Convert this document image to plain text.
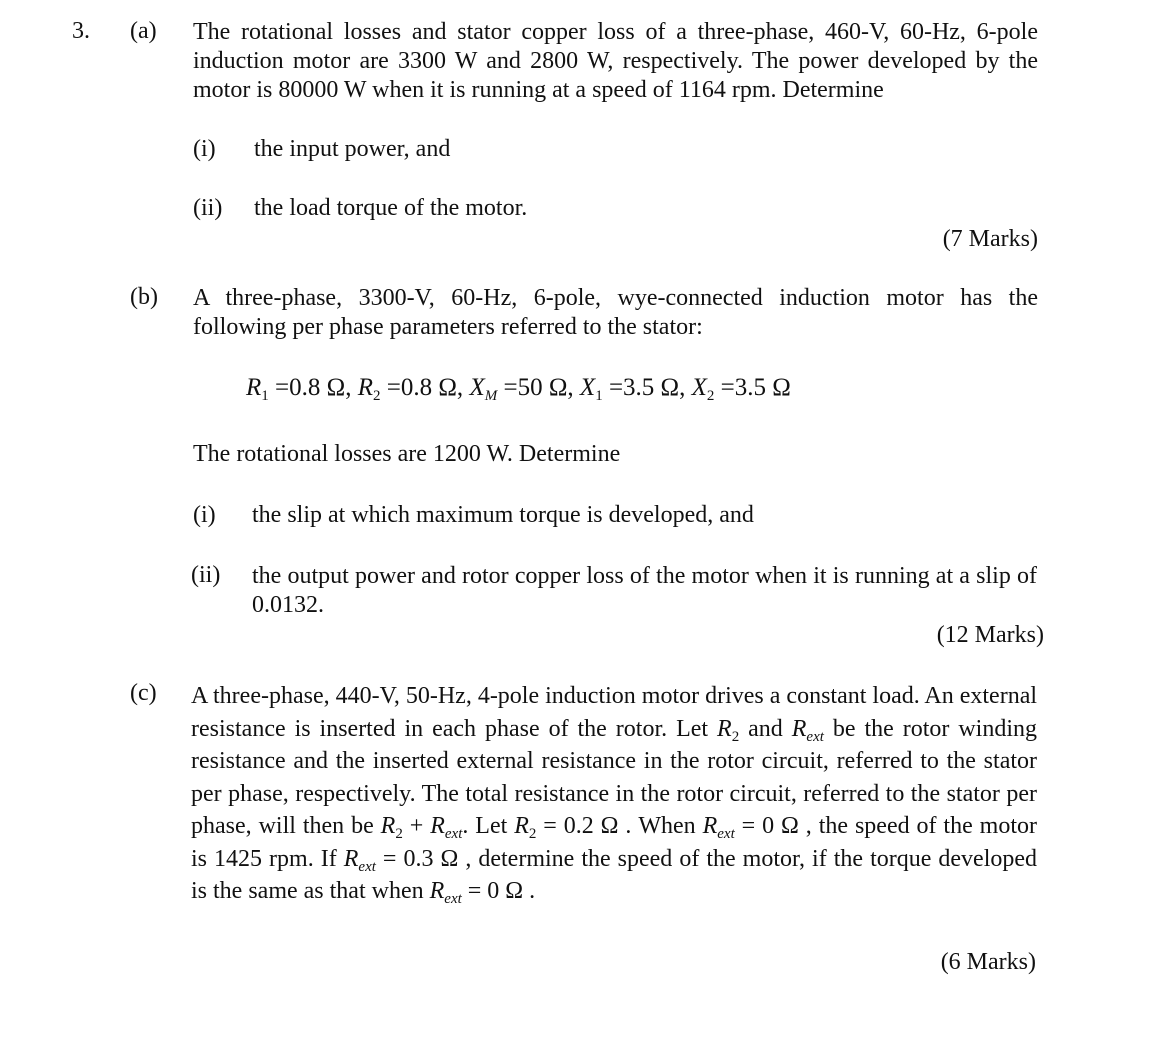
3. (a) The rotational losses and stator copper loss of a three-phase, 460-V, 60-Hz, 6-pole induction motor are 3300 W and 2800 W, respectively. The power developed by the motor is 80000 W when it is running at a speed of 1164 rpm. Determine
(i) the input power, and
(ii) the load torque of the motor.
(7 Marks)
(b) A three-phase, 3300-V, 60-Hz, 6-pole, wye-connected induction motor has the following per phase parameters referred to the stator:
$R_1 =0.8$ Ω, $R_2 =0.8$ Ω, $X_M =50$ Ω, $X_1 =3.5$ Ω, $X_2 =3.5$ Ω
The rotational losses are 1200 W. Determine
(i) the slip at which maximum torque is developed, and
(ii) the output power and rotor copper loss of the motor when it is running at a slip of 0.0132.
(12 Marks)
(c) A three-phase, 440-V, 50-Hz, 4-pole induction motor drives a constant load. An external resistance is inserted in each phase of the rotor. Let $R_2$ and $R_{ext}$ be the rotor winding resistance and the inserted external resistance in the rotor circuit, referred to the stator per phase, respectively. The total resistance in the rotor circuit, referred to the stator per phase, will then be $R_2 + R_{ext}$. Let $R_2 = 0.2$ Ω . When $R_{ext} = 0$ Ω , the speed of the motor is 1425 rpm. If $R_{ext} = 0.3$ Ω , determine the speed of the motor, if the torque developed is the same as that when $R_{ext} = 0$ Ω .
(6 Marks)
